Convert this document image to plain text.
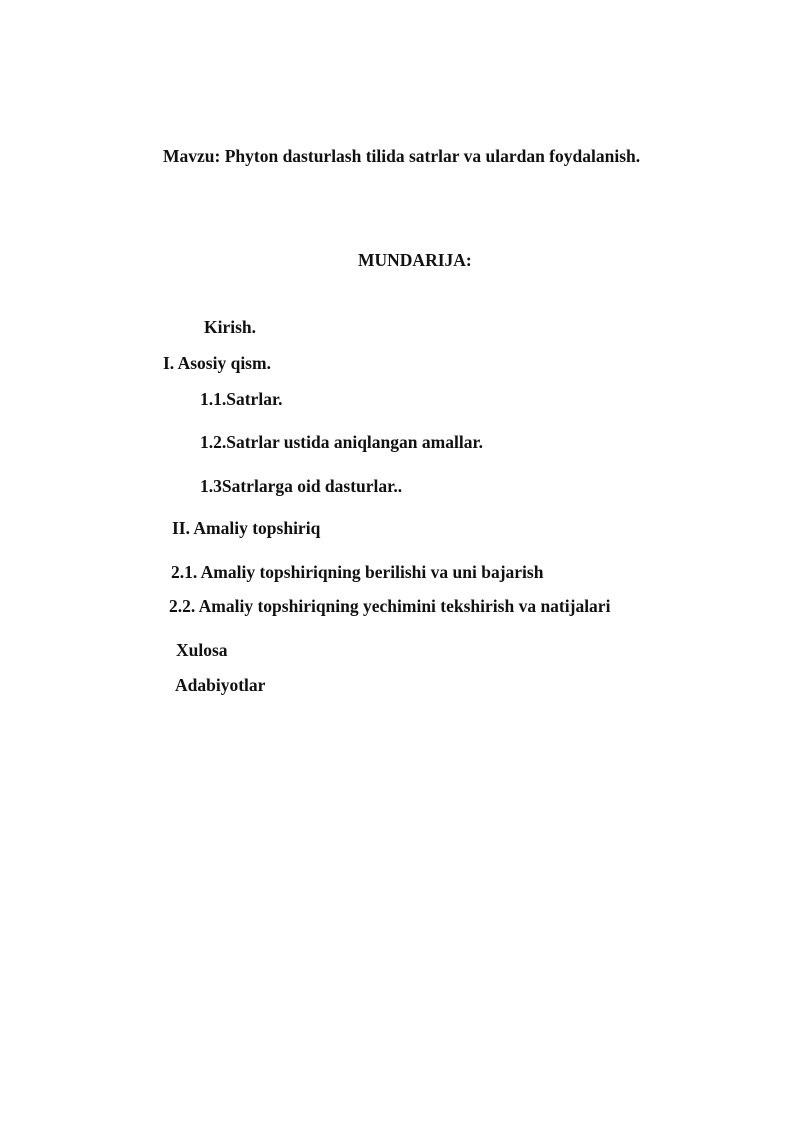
Mavzu: Phyton dasturlash tilida satrlar va ulardan foydalanish.
MUNDARIJA:
Kirish.
I. Asosiy qism.
1.1.Satrlar.
1.2.Satrlar ustida aniqlangan amallar.
1.3Satrlarga oid dasturlar..
II. Amaliy topshiriq
2.1. Amaliy topshiriqning berilishi va uni bajarish
2.2. Amaliy topshiriqning yechimini tekshirish va natijalari
Xulosa
Adabiyotlar
